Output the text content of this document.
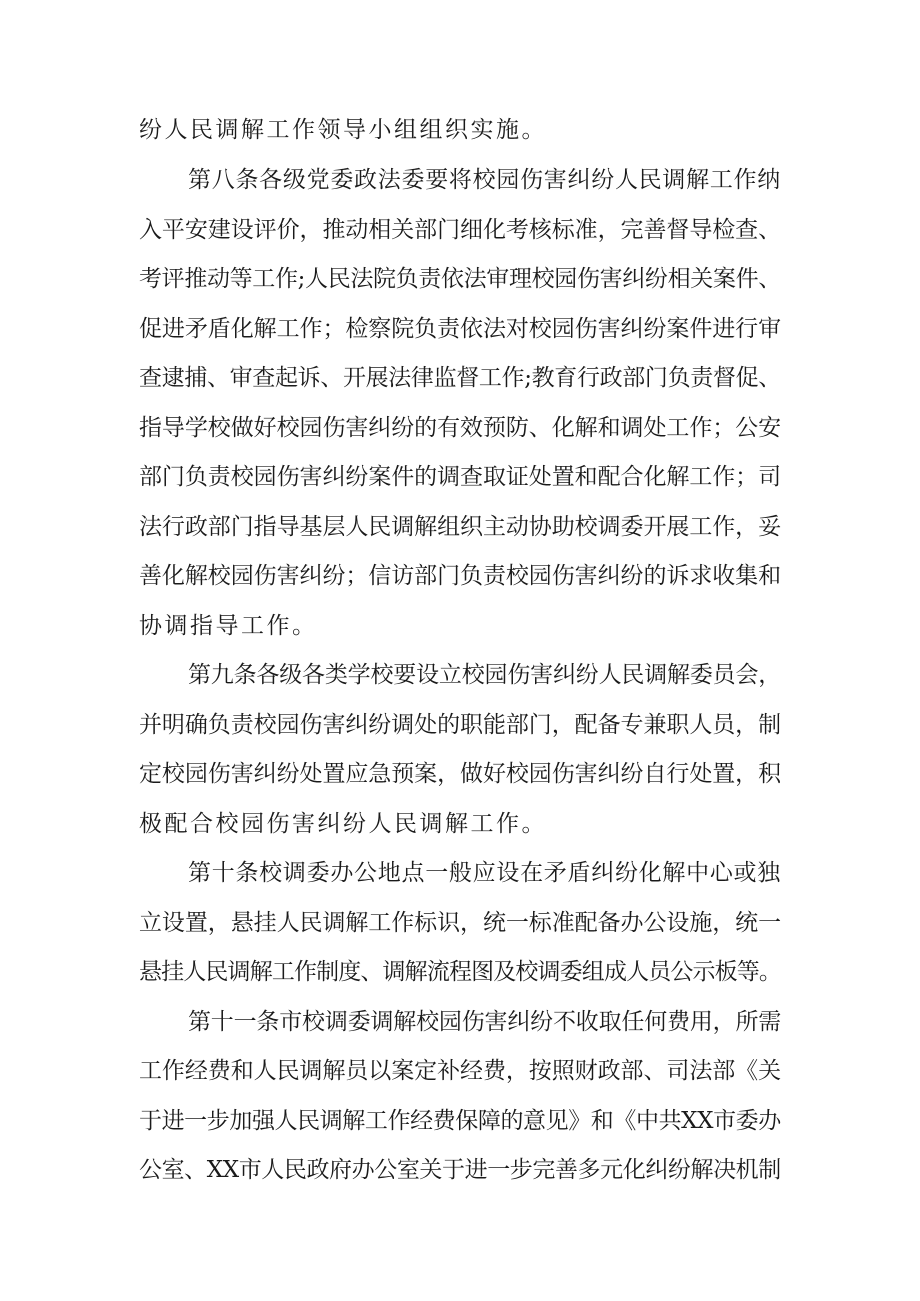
纷人民调解工作领导小组组织实施。

第八条各级党委政法委要将校园伤害纠纷人民调解工作纳

入平安建设评价，推动相关部门细化考核标准，完善督导检查、

考评推动等工作;人民法院负责依法审理校园伤害纠纷相关案件、

促进矛盾化解工作；检察院负责依法对校园伤害纠纷案件进行审

查逮捕、审查起诉、开展法律监督工作;教育行政部门负责督促、

指导学校做好校园伤害纠纷的有效预防、化解和调处工作；公安

部门负责校园伤害纠纷案件的调查取证处置和配合化解工作；司

法行政部门指导基层人民调解组织主动协助校调委开展工作，妥

善化解校园伤害纠纷；信访部门负责校园伤害纠纷的诉求收集和

协调指导工作。

第九条各级各类学校要设立校园伤害纠纷人民调解委员会，

并明确负责校园伤害纠纷调处的职能部门，配备专兼职人员，制

定校园伤害纠纷处置应急预案，做好校园伤害纠纷自行处置，积

极配合校园伤害纠纷人民调解工作。

第十条校调委办公地点一般应设在矛盾纠纷化解中心或独

立设置，悬挂人民调解工作标识，统一标准配备办公设施，统一

悬挂人民调解工作制度、调解流程图及校调委组成人员公示板等。

第十一条市校调委调解校园伤害纠纷不收取任何费用，所需

工作经费和人民调解员以案定补经费，按照财政部、司法部《关

于进一步加强人民调解工作经费保障的意见》和《中共XX市委办

公室、XX市人民政府办公室关于进一步完善多元化纠纷解决机制
